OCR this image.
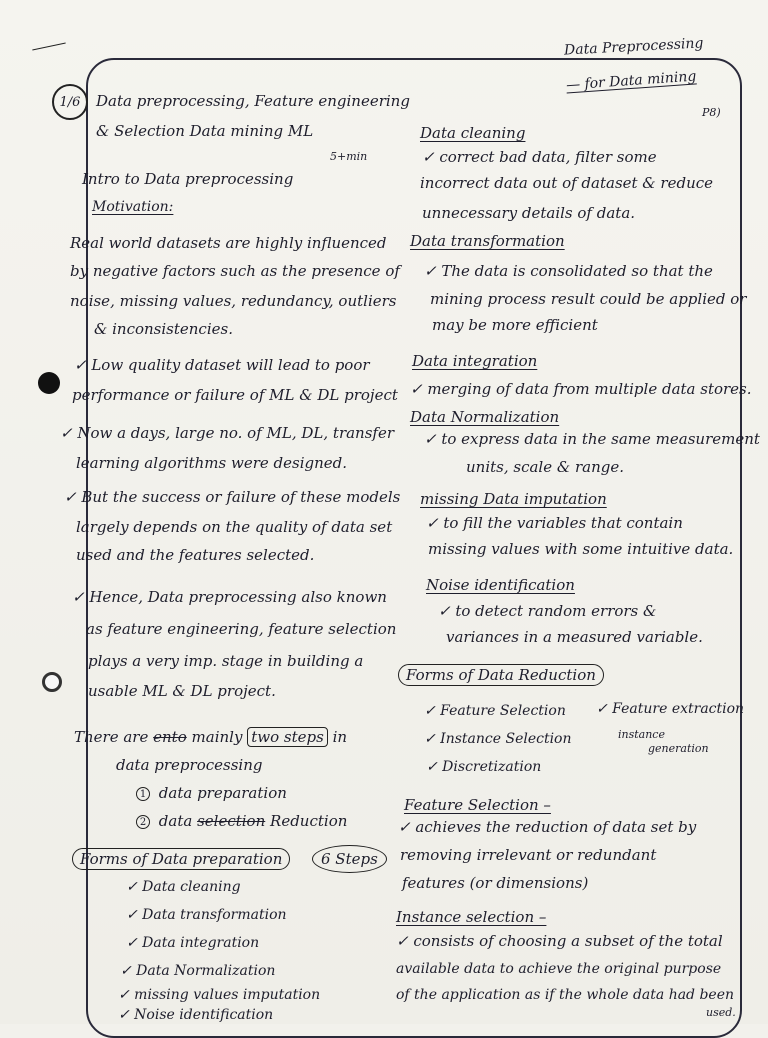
Data Preprocessing
— for Data mining
P8)
1/6	Data preprocessing, Feature engineering
& Selection Data mining ML
5+min
Intro to Data preprocessing
Motivation:
Real world datasets are highly influenced
by negative factors such as the presence of
noise, missing values, redundancy, outliers
& inconsistencies.
✓ Low quality dataset will lead to poor
performance or failure of ML & DL project
✓ Now a days, large no. of ML, DL, transfer
learning algorithms were designed.
✓ But the success or failure of these models
largely depends on the quality of data set
used and the features selected.
✓ Hence, Data preprocessing also known
as feature engineering, feature selection
plays a very imp. stage in building a
usable ML & DL project.
There are ento mainly two steps in
data preprocessing
1 data preparation
2 data selection Reduction
Forms of Data preparation	6 Steps
✓ Data cleaning
✓ Data transformation
✓ Data integration
✓ Data Normalization
✓ missing values imputation
✓ Noise identification
Data cleaning
✓ correct bad data, filter some
incorrect data out of dataset & reduce
unnecessary details of data.
Data transformation
✓ The data is consolidated so that the
mining process result could be applied or
may be more efficient
Data integration
✓ merging of data from multiple data stores.
Data Normalization
✓ to express data in the same measurement
units, scale & range.
missing Data imputation
✓ to fill the variables that contain
missing values with some intuitive data.
Noise identification
✓ to detect random errors &
variances in a measured variable.
Forms of Data Reduction
✓ Feature Selection ✓ Feature extraction
✓ Instance Selection	instance
generation
✓ Discretization
Feature Selection –
✓ achieves the reduction of data set by
removing irrelevant or redundant
features (or dimensions)
Instance selection –
✓ consists of choosing a subset of the total
available data to achieve the original purpose
of the application as if the whole data had been
used.
